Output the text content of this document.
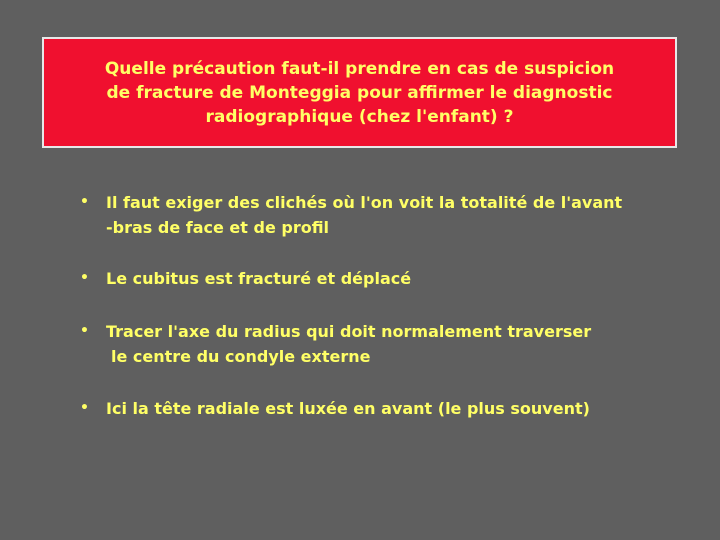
Quelle précaution faut-il prendre en cas de suspicion
de fracture de Monteggia pour affirmer le diagnostic
radiographique (chez l'enfant) ?

• Il faut exiger des clichés où l'on voit la totalité de l'avant
-bras de face et de profil
• Le cubitus est fracturé et déplacé
• Tracer l'axe du radius qui doit normalement traverser
le centre du condyle externe
• Ici la tête radiale est luxée en avant (le plus souvent)
